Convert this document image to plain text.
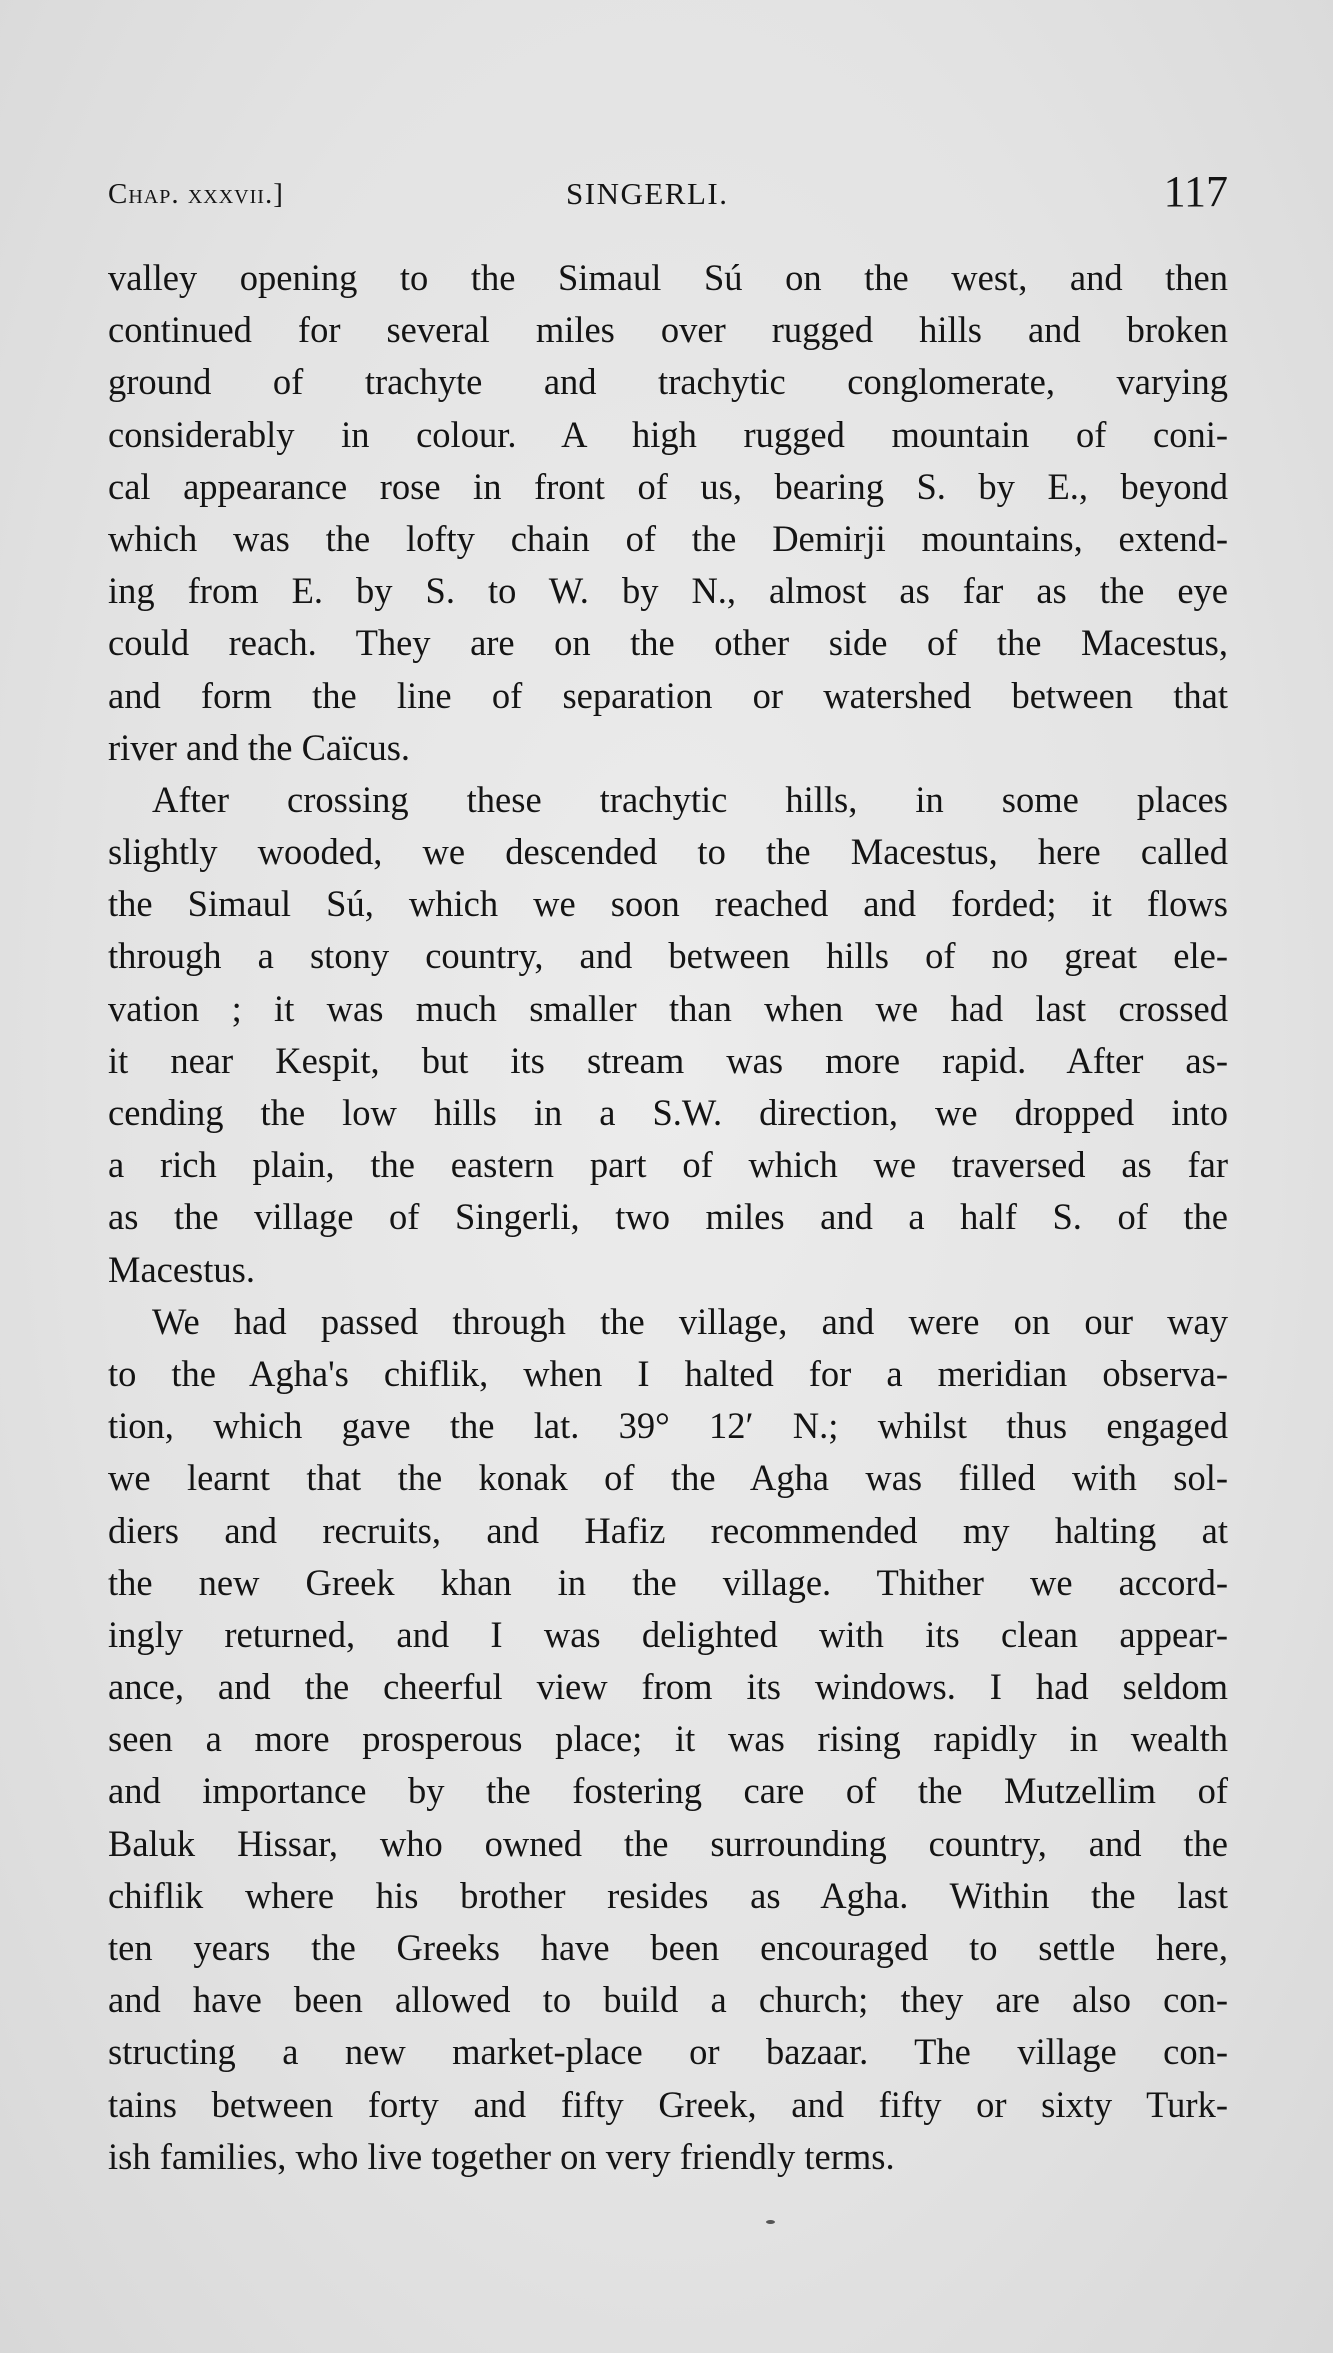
Chap. xxxvii.]	SINGERLI.	117
valley opening to the Simaul Sú on the west, and then
continued for several miles over rugged hills and broken
ground of trachyte and trachytic conglomerate, varying
considerably in colour. A high rugged mountain of coni-
cal appearance rose in front of us, bearing S. by E., beyond
which was the lofty chain of the Demirji mountains, extend-
ing from E. by S. to W. by N., almost as far as the eye
could reach. They are on the other side of the Macestus,
and form the line of separation or watershed between that
river and the Caïcus.
After crossing these trachytic hills, in some places
slightly wooded, we descended to the Macestus, here called
the Simaul Sú, which we soon reached and forded; it flows
through a stony country, and between hills of no great ele-
vation ; it was much smaller than when we had last crossed
it near Kespit, but its stream was more rapid. After as-
cending the low hills in a S.W. direction, we dropped into
a rich plain, the eastern part of which we traversed as far
as the village of Singerli, two miles and a half S. of the
Macestus.
We had passed through the village, and were on our way
to the Agha's chiflik, when I halted for a meridian observa-
tion, which gave the lat. 39° 12′ N.; whilst thus engaged
we learnt that the konak of the Agha was filled with sol-
diers and recruits, and Hafiz recommended my halting at
the new Greek khan in the village. Thither we accord-
ingly returned, and I was delighted with its clean appear-
ance, and the cheerful view from its windows. I had seldom
seen a more prosperous place; it was rising rapidly in wealth
and importance by the fostering care of the Mutzellim of
Baluk Hissar, who owned the surrounding country, and the
chiflik where his brother resides as Agha. Within the last
ten years the Greeks have been encouraged to settle here,
and have been allowed to build a church; they are also con-
structing a new market-place or bazaar. The village con-
tains between forty and fifty Greek, and fifty or sixty Turk-
ish families, who live together on very friendly terms.
